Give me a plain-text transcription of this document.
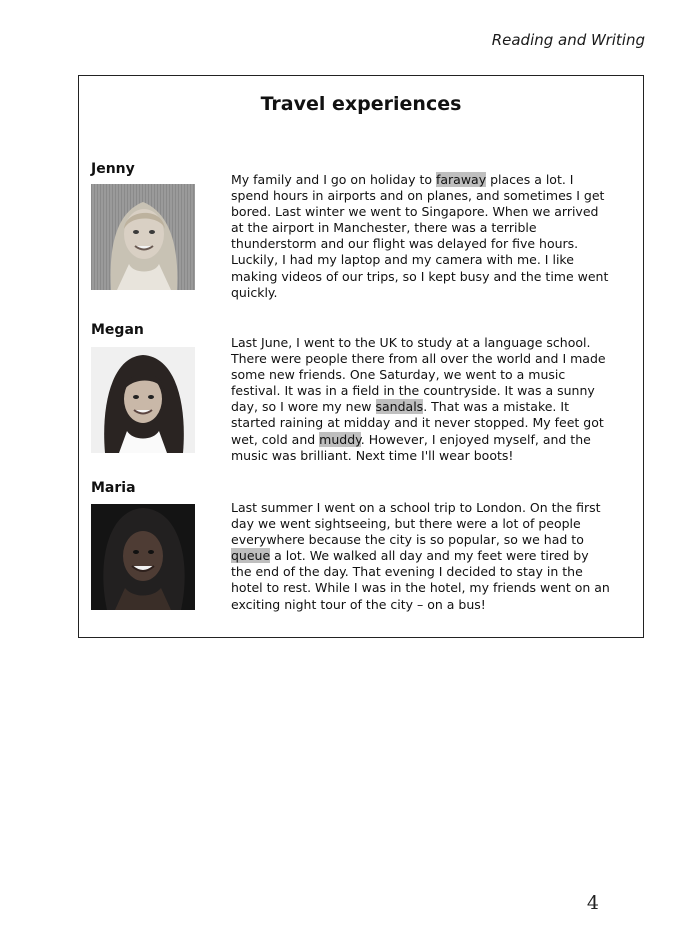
Reading and Writing
Travel experiences
Jenny

My family and I go on holiday to faraway places a lot. I spend hours in airports and on planes, and sometimes I get bored. Last winter we went to Singapore. When we arrived at the airport in Manchester, there was a terrible thunderstorm and our flight was delayed for five hours. Luckily, I had my laptop and my camera with me. I like making videos of our trips, so I kept busy and the time went quickly.

Megan

Last June, I went to the UK to study at a language school. There were people there from all over the world and I made some new friends. One Saturday, we went to a music festival. It was in a field in the countryside. It was a sunny day, so I wore my new sandals. That was a mistake. It started raining at midday and it never stopped. My feet got wet, cold and muddy. However, I enjoyed myself, and the music was brilliant. Next time I'll wear boots!

Maria

Last summer I went on a school trip to London. On the first day we went sightseeing, but there were a lot of people everywhere because the city is so popular, so we had to queue a lot. We walked all day and my feet were tired by the end of the day. That evening I decided to stay in the hotel to rest. While I was in the hotel, my friends went on an exciting night tour of the city – on a bus!

4
